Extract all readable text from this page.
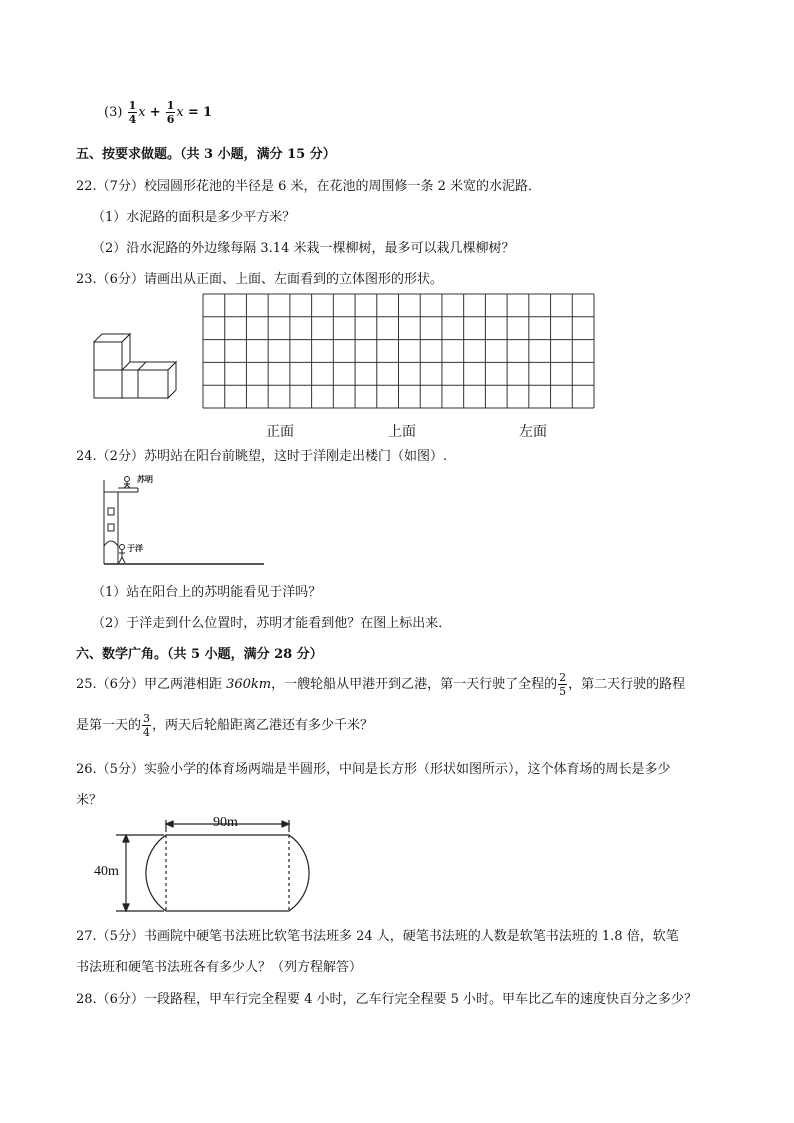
$(3) \frac{1}{4}$ $x + \frac{1}{6}$ x = 1
五、按要求做题。（共 3 小题，满分 15 分）
22.（7分）校园圆形花池的半径是 6 米，在花池的周围修一条 2 米宽的水泥路．
（1）水泥路的面积是多少平方米？
（2）沿水泥路的外边缘每隔 3.14 米栽一棵柳树，最多可以栽几棵柳树？
23.（6分）请画出从正面、上面、左面看到的立体图形的形状。
正面	上面	左面
24.（2分）苏明站在阳台前眺望，这时于洋刚走出楼门（如图）.
苏明
于洋
（1）站在阳台上的苏明能看见于洋吗？
（2）于洋走到什么位置时，苏明才能看到他？在图上标出来．
六、数学广角。（共 5 小题，满分 28 分）
25.（6分）甲乙两港相距 360km，一艘轮船从甲港开到乙港，第一天行驶了全程的 $\frac{2}{5}$ ，第二天行驶的路程
是第一天的 $\frac{3}{4}$ ，两天后轮船距离乙港还有多少千米？
26.（5分）实验小学的体育场两端是半圆形，中间是长方形（形状如图所示），这个体育场的周长是多少
米？
90m
40m
27.（5分）书画院中硬笔书法班比软笔书法班多 24 人，硬笔书法班的人数是软笔书法班的 1.8 倍，软笔
书法班和硬笔书法班各有多少人？（列方程解答）
28.（6分）一段路程，甲车行完全程要 4 小时，乙车行完全程要 5 小时。甲车比乙车的速度快百分之多少？
